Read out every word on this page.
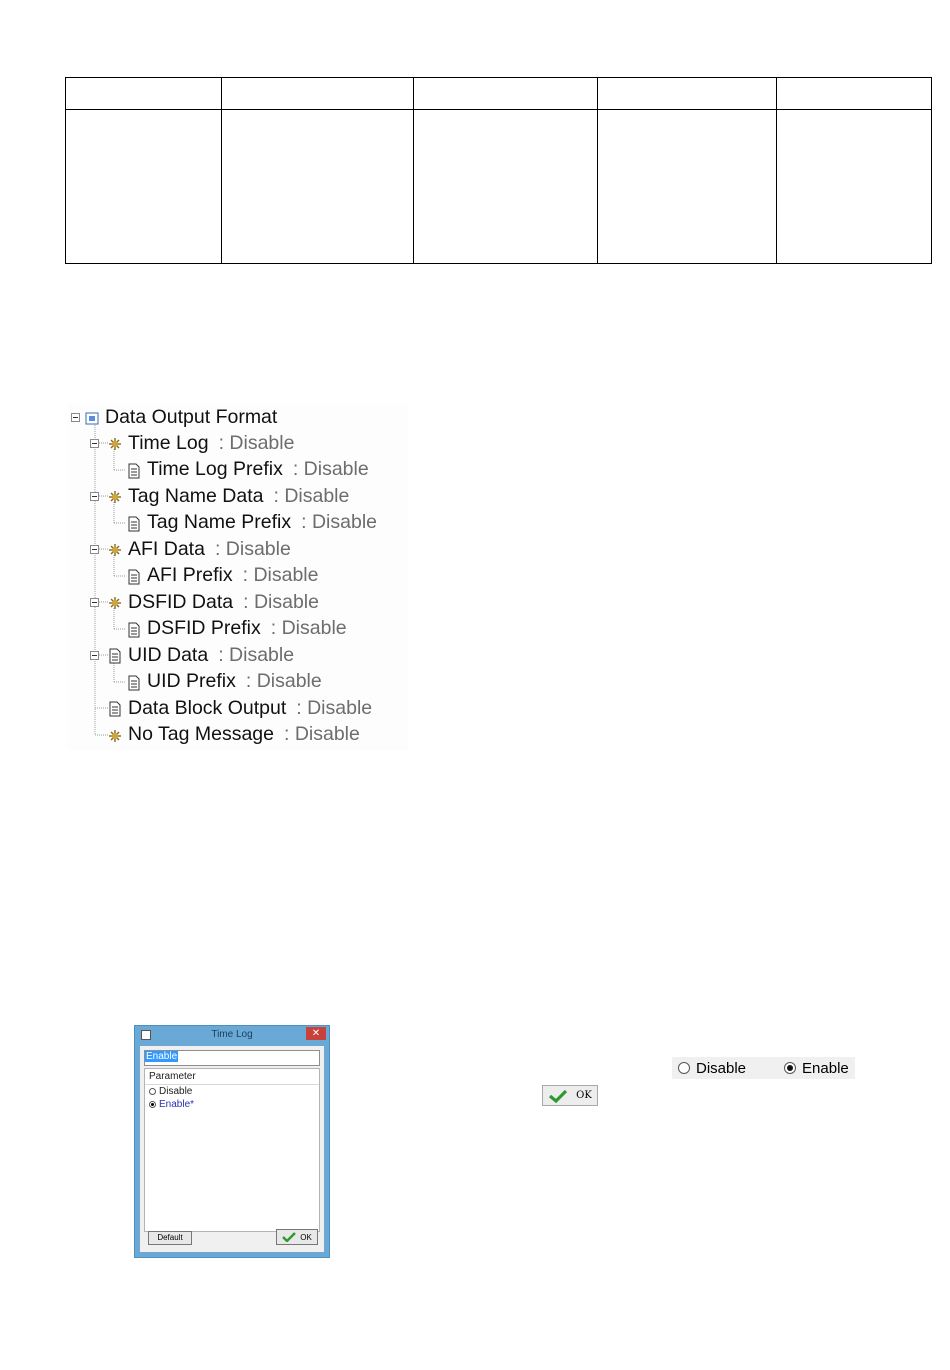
Data Output Format
Time Log : Disable
Time Log Prefix : Disable
Tag Name Data : Disable
Tag Name Prefix : Disable
AFI Data : Disable
AFI Prefix : Disable
DSFID Data : Disable
DSFID Prefix : Disable
UID Data : Disable
UID Prefix : Disable
Data Block Output : Disable
No Tag Message : Disable
Time Log	✕
Enable
Parameter
Disable
Enable*
Default	OK
Disable	Enable
OK
